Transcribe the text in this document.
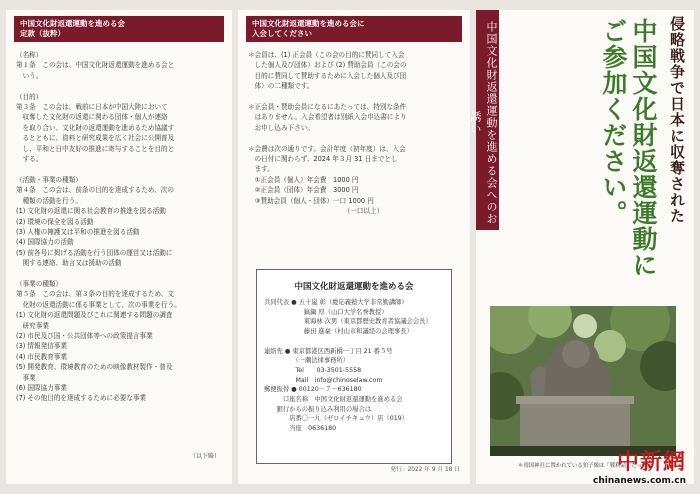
中国文化財返還運動を進める会
定款（抜粋）

（名称）
第１条　この会は、中国文化財返還運動を進める会と
　いう。

（目的）
第３条　この会は、戦前に日本が中国大陸において
　収奪した文化財の返還に関わる団体・個人が連絡
　を取り合い、文化財の返還運動を進めるため協議す
　るとともに、資料と研究成果を広く社会に公開普及
　し、平和と日中友好の推進に寄与することを目的と
　する。

（活動・事業の種類）
第４条　この会は、前条の目的を達成するため、次の
　種類の活動を行う。
(1) 文化財の返還に関る社会教育の推進を図る活動
(2) 環境の保全を図る活動
(3) 人権の擁護又は平和の推進を図る活動
(4) 国際協力の活動
(5) 前各号に掲げる活動を行う団体の運営又は活動に
　関する連絡、助言又は援助の活動

（事業の種類）
第５条　この会は、第３条の目的を達成するため、文
　化財の返還活動に係る事業として、次の事業を行う。
(1) 文化財の返還問題及びこれに関連する問題の調査
　研究事業
(2) 市民及び国・公共団体等への政策提言事業
(3) 情報発信事業
(4) 市民教育事業
(5) 開発教育、環境教育のための映像教材製作・普及
　事業
(6) 国際協力事業
(7) その他目的を達成するために必要な事業

（以下略）
中国文化財返還運動を進める会に
入会してください

＊会員は、(1) 正会員（この会の目的に賛同して入会
　した個人及び団体）および (2) 賛助会員（この会の
　目的に賛同して賛助するために入会した個人及び団
　体）の二種類です。

＊正会員・賛助会員になるにあたっては、特別な条件
　はありません。入会希望者は別紙入会申込書により
　お申し込み下さい。

＊会費は次の通りです。会計年度（初年度）は、入会
　の日付に関わらず、2024 年３月 31 日までとし
　ます。
　①正会員（個人）年会費　1000 円
　②正会員（団体）年会費　3000 円
　③賛助会員（個人・団体）一口 1000 円
　　　　　　　　　　　　　　　（一口以上）

中国文化財返還運動を進める会
共同代表 ● 五十嵐 彰（慶応義塾大学非常勤講師）
　　　　　　 鎬鍋 厚（山口大学名誉教授）
　　　　　　 東海林 次男（東京都歴史教育者協議会会長）
　　　　　　 藤田 進豪（村山市和議経の会理事長）

連絡先 ● 東京都港区西新橋一丁目 21 番５号
　　　　　（一瀬法律事務所）
　　　　　Tel　　03-3501-5558
　　　　　Mail　info@chinoselaw.com
郵便振替 ● 00120－７－636180
　　　口座名称　中国文化財返還運動を進める会
　　銀行からの振り込み利用の場合は
　　　　店番〇一九（ゼロイチキュウ）店（019）
　　　　当座　0636180
発行：2022 年 9 月 18 日
侵略戦争で日本に収奪された
中国文化財返還運動に
ご参加ください。
中国文化財返還運動を進める会へのお誘い
＊靖国神社に置かれている狛子像は「戦利品」だった。
中新網
chinanews.com.cn
